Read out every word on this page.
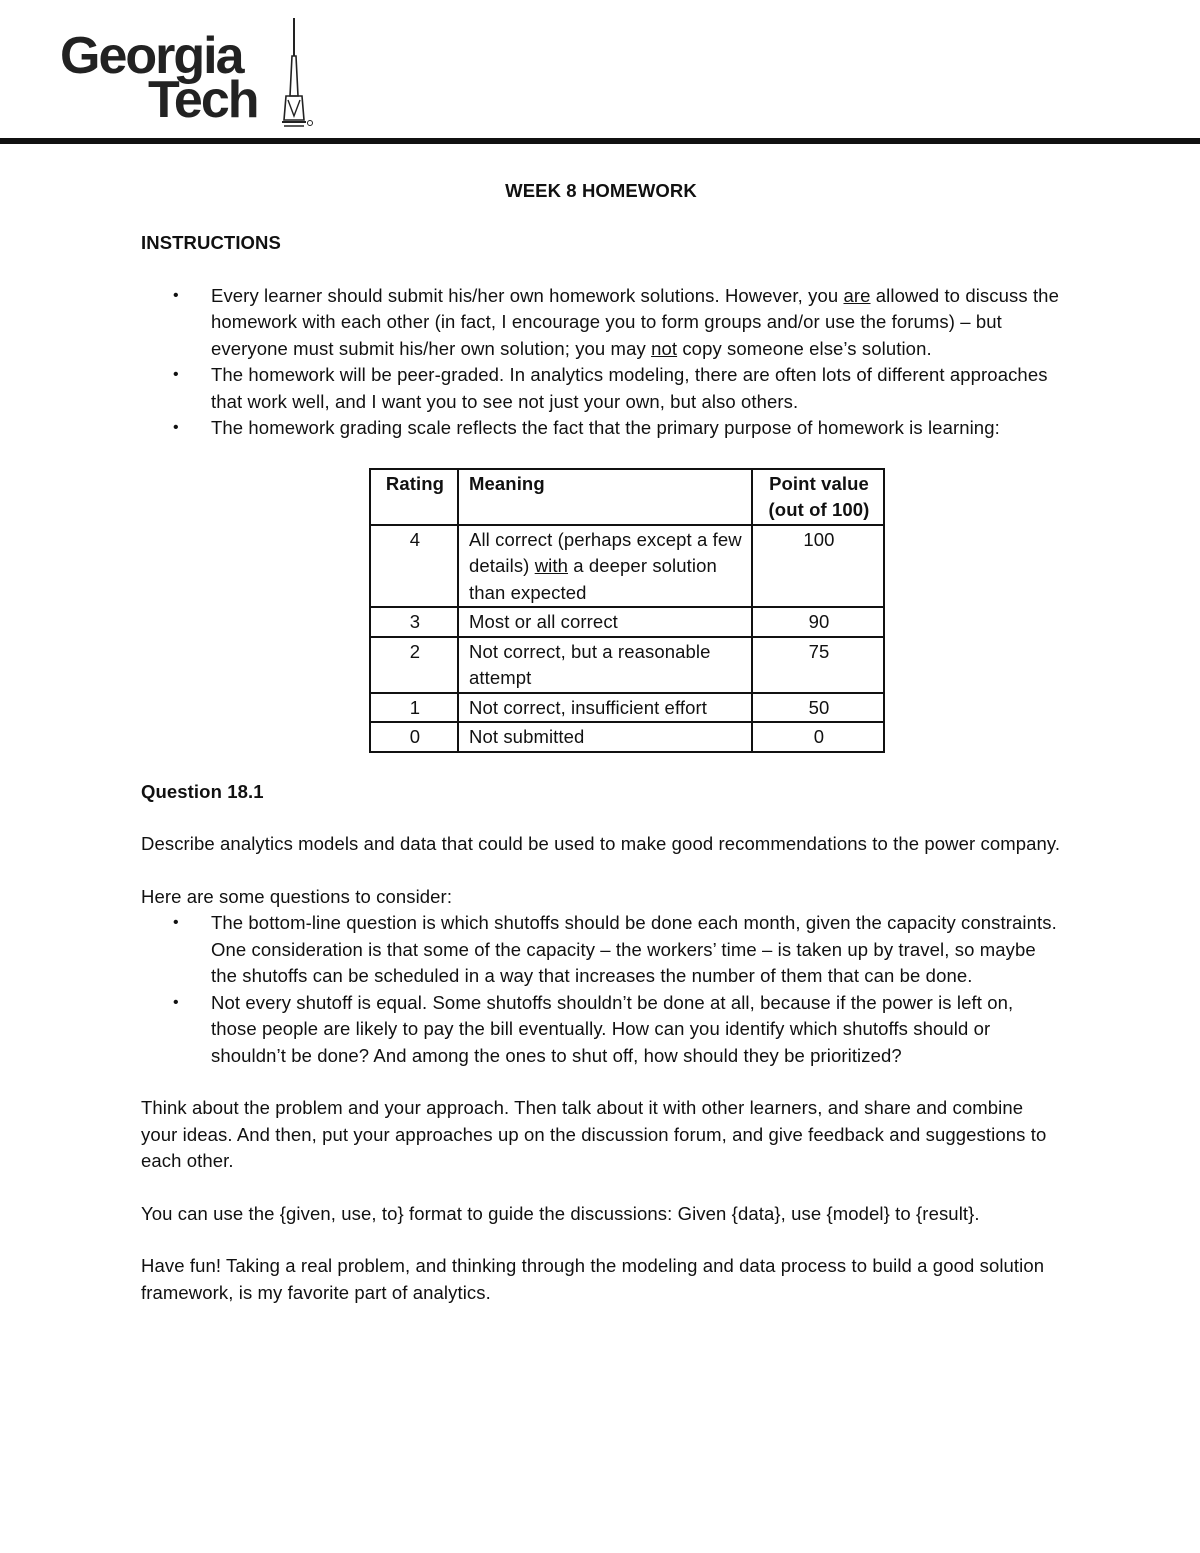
Georgia
Tech

WEEK 8 HOMEWORK

INSTRUCTIONS

• Every learner should submit his/her own homework solutions. However, you are allowed to discuss the homework with each other (in fact, I encourage you to form groups and/or use the forums) – but everyone must submit his/her own solution; you may not copy someone else’s solution.
• The homework will be peer-graded. In analytics modeling, there are often lots of different approaches that work well, and I want you to see not just your own, but also others.
• The homework grading scale reflects the fact that the primary purpose of homework is learning:
Rating	Meaning	Point value (out of 100)
4	All correct (perhaps except a few details) with a deeper solution than expected	100
3	Most or all correct	90
2	Not correct, but a reasonable attempt	75
1	Not correct, insufficient effort	50
0	Not submitted	0

Question 18.1

Describe analytics models and data that could be used to make good recommendations to the power company.

Here are some questions to consider:

• The bottom-line question is which shutoffs should be done each month, given the capacity constraints. One consideration is that some of the capacity – the workers’ time – is taken up by travel, so maybe the shutoffs can be scheduled in a way that increases the number of them that can be done.
• Not every shutoff is equal. Some shutoffs shouldn’t be done at all, because if the power is left on, those people are likely to pay the bill eventually. How can you identify which shutoffs should or shouldn’t be done? And among the ones to shut off, how should they be prioritized?

Think about the problem and your approach. Then talk about it with other learners, and share and combine your ideas. And then, put your approaches up on the discussion forum, and give feedback and suggestions to each other.

You can use the {given, use, to} format to guide the discussions: Given {data}, use {model} to {result}.

Have fun! Taking a real problem, and thinking through the modeling and data process to build a good solution framework, is my favorite part of analytics.
